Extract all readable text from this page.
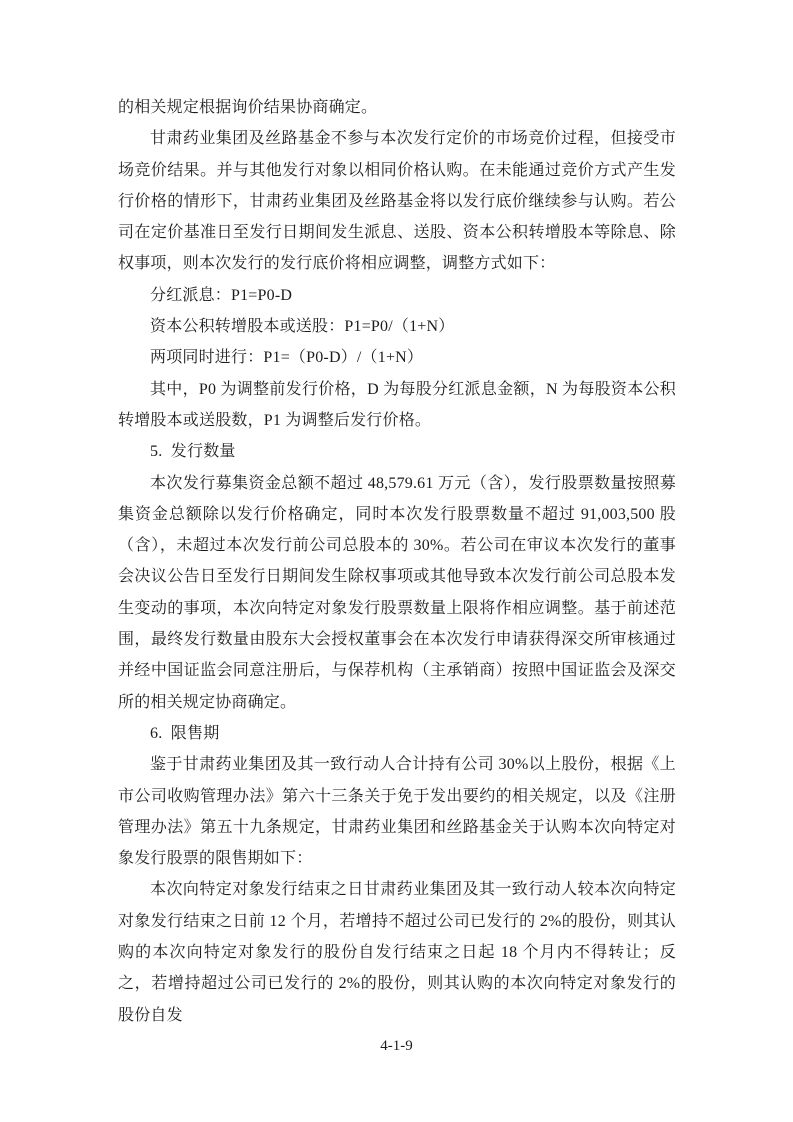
的相关规定根据询价结果协商确定。

甘肃药业集团及丝路基金不参与本次发行定价的市场竞价过程，但接受市场竞价结果。并与其他发行对象以相同价格认购。在未能通过竞价方式产生发行价格的情形下，甘肃药业集团及丝路基金将以发行底价继续参与认购。若公司在定价基准日至发行日期间发生派息、送股、资本公积转增股本等除息、除权事项，则本次发行的发行底价将相应调整，调整方式如下：

分红派息：P1=P0-D

资本公积转增股本或送股：P1=P0/（1+N）

两项同时进行：P1=（P0-D）/（1+N）

其中，P0 为调整前发行价格，D 为每股分红派息金额，N 为每股资本公积转增股本或送股数，P1 为调整后发行价格。

5.  发行数量

本次发行募集资金总额不超过 48,579.61 万元（含），发行股票数量按照募集资金总额除以发行价格确定，同时本次发行股票数量不超过 91,003,500 股（含），未超过本次发行前公司总股本的 30%。若公司在审议本次发行的董事会决议公告日至发行日期间发生除权事项或其他导致本次发行前公司总股本发生变动的事项，本次向特定对象发行股票数量上限将作相应调整。基于前述范围，最终发行数量由股东大会授权董事会在本次发行申请获得深交所审核通过并经中国证监会同意注册后，与保荐机构（主承销商）按照中国证监会及深交所的相关规定协商确定。

6.  限售期

鉴于甘肃药业集团及其一致行动人合计持有公司 30%以上股份，根据《上市公司收购管理办法》第六十三条关于免于发出要约的相关规定，以及《注册管理办法》第五十九条规定，甘肃药业集团和丝路基金关于认购本次向特定对象发行股票的限售期如下：

本次向特定对象发行结束之日甘肃药业集团及其一致行动人较本次向特定对象发行结束之日前 12 个月，若增持不超过公司已发行的 2%的股份，则其认购的本次向特定对象发行的股份自发行结束之日起 18 个月内不得转让；反之，若增持超过公司已发行的 2%的股份，则其认购的本次向特定对象发行的股份自发

4-1-9
